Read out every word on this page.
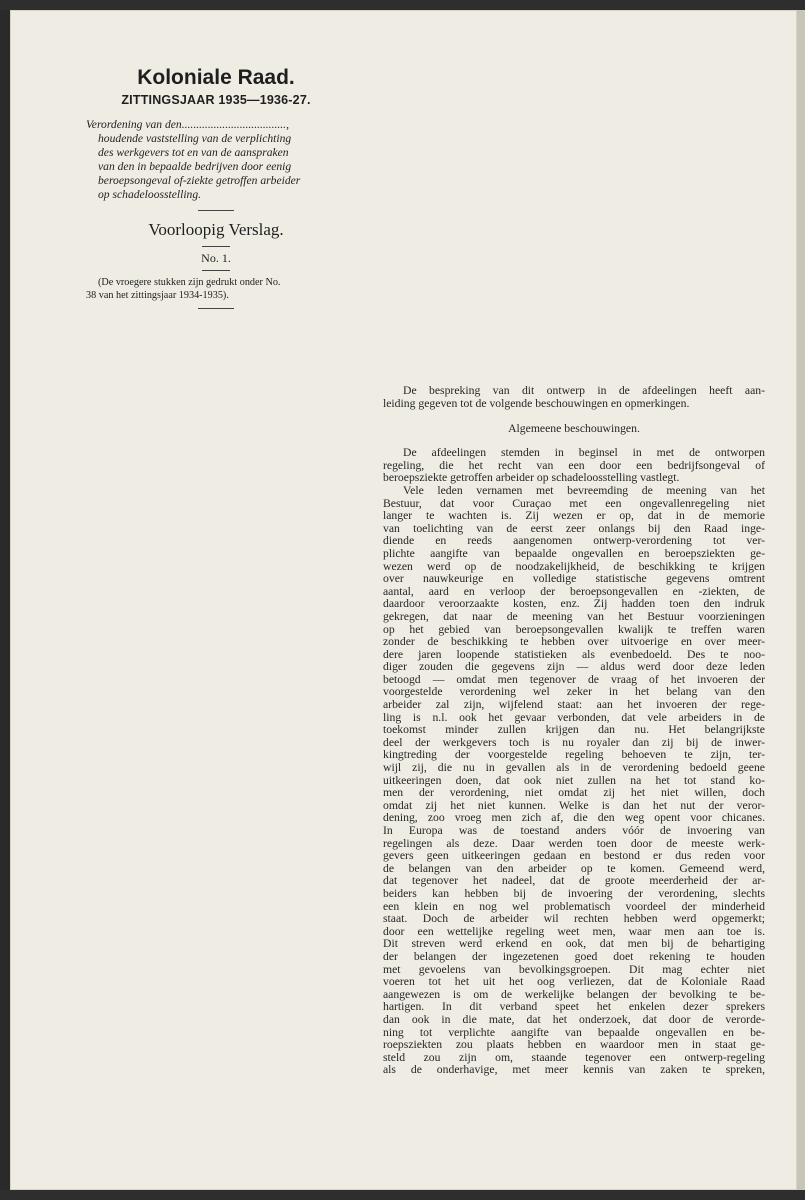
Koloniale Raad.

ZITTINGSJAAR 1935—1936-27.

Verordening van den....................................,
houdende vaststelling van de verplichting
des werkgevers tot en van de aanspraken
van den in bepaalde bedrijven door eenig
beroepsongeval of-ziekte getroffen arbeider
op schadeloosstelling.

Voorloopig Verslag.

No. 1.

(De vroegere stukken zijn gedrukt onder No.
38 van het zittingsjaar 1934-1935).
De bespreking van dit ontwerp in de afdeelingen heeft aan-
leiding gegeven tot de volgende beschouwingen en opmerkingen.
Algemeene beschouwingen.
De afdeelingen stemden in beginsel in met de ontworpen
regeling, die het recht van een door een bedrijfsongeval of
beroepsziekte getroffen arbeider op schadeloosstelling vastlegt.
Vele leden vernamen met bevreemding de meening van het
Bestuur, dat voor Curaçao met een ongevallenregeling niet
langer te wachten is. Zij wezen er op, dat in de memorie
van toelichting van de eerst zeer onlangs bij den Raad inge-
diende en reeds aangenomen ontwerp-verordening tot ver-
plichte aangifte van bepaalde ongevallen en beroepsziekten ge-
wezen werd op de noodzakelijkheid, de beschikking te krijgen
over nauwkeurige en volledige statistische gegevens omtrent
aantal, aard en verloop der beroepsongevallen en -ziekten, de
daardoor veroorzaakte kosten, enz. Zij hadden toen den indruk
gekregen, dat naar de meening van het Bestuur voorzieningen
op het gebied van beroepsongevallen kwalijk te treffen waren
zonder de beschikking te hebben over uitvoerige en over meer-
dere jaren loopende statistieken als evenbedoeld. Des te noo-
diger zouden die gegevens zijn — aldus werd door deze leden
betoogd — omdat men tegenover de vraag of het invoeren der
voorgestelde verordening wel zeker in het belang van den
arbeider zal zijn, wijfelend staat: aan het invoeren der rege-
ling is n.l. ook het gevaar verbonden, dat vele arbeiders in de
toekomst minder zullen krijgen dan nu. Het belangrijkste
deel der werkgevers toch is nu royaler dan zij bij de inwer-
kingtreding der voorgestelde regeling behoeven te zijn, ter-
wijl zij, die nu in gevallen als in de verordening bedoeld geene
uitkeeringen doen, dat ook niet zullen na het tot stand ko-
men der verordening, niet omdat zij het niet willen, doch
omdat zij het niet kunnen. Welke is dan het nut der veror-
dening, zoo vroeg men zich af, die den weg opent voor chicanes.
In Europa was de toestand anders vóór de invoering van
regelingen als deze. Daar werden toen door de meeste werk-
gevers geen uitkeeringen gedaan en bestond er dus reden voor
de belangen van den arbeider op te komen. Gemeend werd,
dat tegenover het nadeel, dat de groote meerderheid der ar-
beiders kan hebben bij de invoering der verordening, slechts
een klein en nog wel problematisch voordeel der minderheid
staat. Doch de arbeider wil rechten hebben werd opgemerkt;
door een wettelijke regeling weet men, waar men aan toe is.
Dit streven werd erkend en ook, dat men bij de behartiging
der belangen der ingezetenen goed doet rekening te houden
met gevoelens van bevolkingsgroepen. Dit mag echter niet
voeren tot het uit het oog verliezen, dat de Koloniale Raad
aangewezen is om de werkelijke belangen der bevolking te be-
hartigen. In dit verband speet het enkelen dezer sprekers
dan ook in die mate, dat het onderzoek, dat door de verorde-
ning tot verplichte aangifte van bepaalde ongevallen en be-
roepsziekten zou plaats hebben en waardoor men in staat ge-
steld zou zijn om, staande tegenover een ontwerp-regeling
als de onderhavige, met meer kennis van zaken te spreken,
